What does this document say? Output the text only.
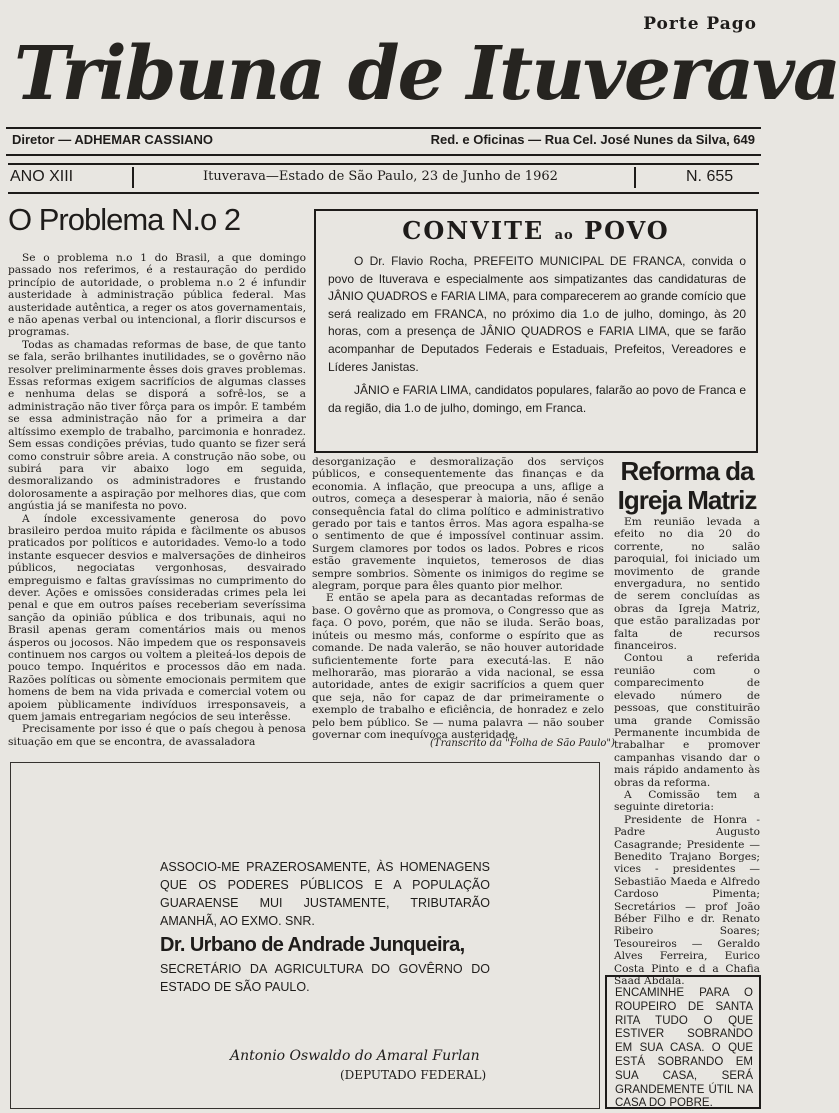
Porte Pago
Tribuna de Ituverava
Diretor — ADHEMAR CASSIANO	Red. e Oficinas — Rua Cel. José Nunes da Silva, 649
ANO XIII	Ituverava—Estado de São Paulo, 23 de Junho de 1962	N. 655
O Problema N.o 2

Se o problema n.o 1 do Brasil, a que domingo passado nos referimos, é a restauração do perdido princípio de autoridade, o problema n.o 2 é infundir austeridade à administração pública federal. Mas austeridade autêntica, a reger os atos governamentais, e não apenas verbal ou intencional, a florir discursos e programas.

Todas as chamadas reformas de base, de que tanto se fala, serão brilhantes inutilidades, se o govêrno não resolver preliminarmente êsses dois graves problemas. Essas reformas exigem sacrifícios de algumas classes e nenhuma delas se disporá a sofrê-los, se a administração não tiver fôrça para os impôr. E também se essa administração não for a primeira a dar altíssimo exemplo de trabalho, parcimonia e honradez. Sem essas condições prévias, tudo quanto se fizer será como construir sôbre areia. A construção não sobe, ou subirá para vir abaixo logo em seguida, desmoralizando os administradores e frustando dolorosamente a aspiração por melhores dias, que com angústia já se manifesta no povo.

A índole excessivamente generosa do povo brasileiro perdoa muito rápida e fàcilmente os abusos praticados por políticos e autoridades. Vemo-lo a todo instante esquecer desvios e malversações de dinheiros públicos, negociatas vergonhosas, desvairado empreguismo e faltas gravíssimas no cumprimento do dever. Ações e omissões consideradas crimes pela lei penal e que em outros países receberiam severíssima sanção da opinião pública e dos tribunais, aqui no Brasil apenas geram comentários mais ou menos ásperos ou jocosos. Não impedem que os responsaveis continuem nos cargos ou voltem a pleiteá-los depois de pouco tempo. Inquéritos e processos dão em nada. Razões políticas ou sòmente emocionais permitem que homens de bem na vida privada e comercial votem ou apoiem pùblicamente indivíduos irresponsaveis, a quem jamais entregariam negócios de seu interêsse.

Precisamente por isso é que o país chegou à penosa situação em que se encontra, de avassaladora

CONVITE ao POVO

O Dr. Flavio Rocha, PREFEITO MUNICIPAL DE FRANCA, convida o povo de Ituverava e especialmente aos simpatizantes das candidaturas de JÂNIO QUADROS e FARIA LIMA, para comparecerem ao grande comício que será realizado em FRANCA, no próximo dia 1.o de julho, domingo, às 20 horas, com a presença de JÂNIO QUADROS e FARIA LIMA, que se farão acompanhar de Deputados Federais e Estaduais, Prefeitos, Vereadores e Líderes Janistas.

JÂNIO e FARIA LIMA, candidatos populares, falarão ao povo de Franca e da região, dia 1.o de julho, domingo, em Franca.

desorganização e desmoralização dos serviços públicos, e consequentemente das finanças e da economia. A inflação, que preocupa a uns, aflige a outros, começa a desesperar à maioria, não é senão consequência fatal do clima político e administrativo gerado por tais e tantos êrros. Mas agora espalha-se o sentimento de que é impossível continuar assim. Surgem clamores por todos os lados. Pobres e ricos estão gravemente inquietos, temerosos de dias sempre sombrios. Sòmente os inimigos do regime se alegram, porque para êles quanto pior melhor.

E então se apela para as decantadas reformas de base. O govêrno que as promova, o Congresso que as faça. O povo, porém, que não se iluda. Serão boas, inúteis ou mesmo más, conforme o espírito que as comande. De nada valerão, se não houver autoridade suficientemente forte para executá-las. E não melhorarão, mas piorarão a vida nacional, se essa autoridade, antes de exigir sacrifícios a quem quer que seja, não for capaz de dar primeiramente o exemplo de trabalho e eficiência, de honradez e zelo pelo bem público. Se — numa palavra — não souber governar com inequívoca austeridade.

(Transcrito da "Folha de São Paulo")
Reforma da Igreja Matriz

Em reunião levada a efeito no dia 20 do corrente, no salão paroquial, foi iniciado um movimento de grande envergadura, no sentido de serem concluídas as obras da Igreja Matriz, que estão paralizadas por falta de recursos financeiros.

Contou a referida reunião com o comparecimento de elevado número de pessoas, que constituirão uma grande Comissão Permanente incumbida de trabalhar e promover campanhas visando dar o mais rápido andamento às obras da reforma.

A Comissão tem a seguinte diretoria:

Presidente de Honra - Padre Augusto Casagrande; Presidente — Benedito Trajano Borges; vices - presidentes — Sebastião Maeda e Alfredo Cardoso Pimenta; Secretários — prof João Béber Filho e dr. Renato Ribeiro Soares; Tesoureiros — Geraldo Alves Ferreira, Eurico Costa Pinto e d a Chafia Saad Abdala.

ASSOCIO-ME PRAZEROSAMENTE, ÀS HOMENAGENS QUE OS PODERES PÚBLICOS E A POPULAÇÃO GUARAENSE MUI JUSTAMENTE, TRIBUTARÃO AMANHÃ, AO EXMO. SNR.
Dr. Urbano de Andrade Junqueira,
SECRETÁRIO DA AGRICULTURA DO GOVÊRNO DO ESTADO DE SÃO PAULO.
Antonio Oswaldo do Amaral Furlan
(DEPUTADO FEDERAL)
ENCAMINHE PARA O ROUPEIRO DE SANTA RITA TUDO O QUE ESTIVER SOBRANDO EM SUA CASA. O QUE ESTÁ SOBRANDO EM SUA CASA, SERÁ GRANDEMENTE ÚTIL NA CASA DO POBRE.
